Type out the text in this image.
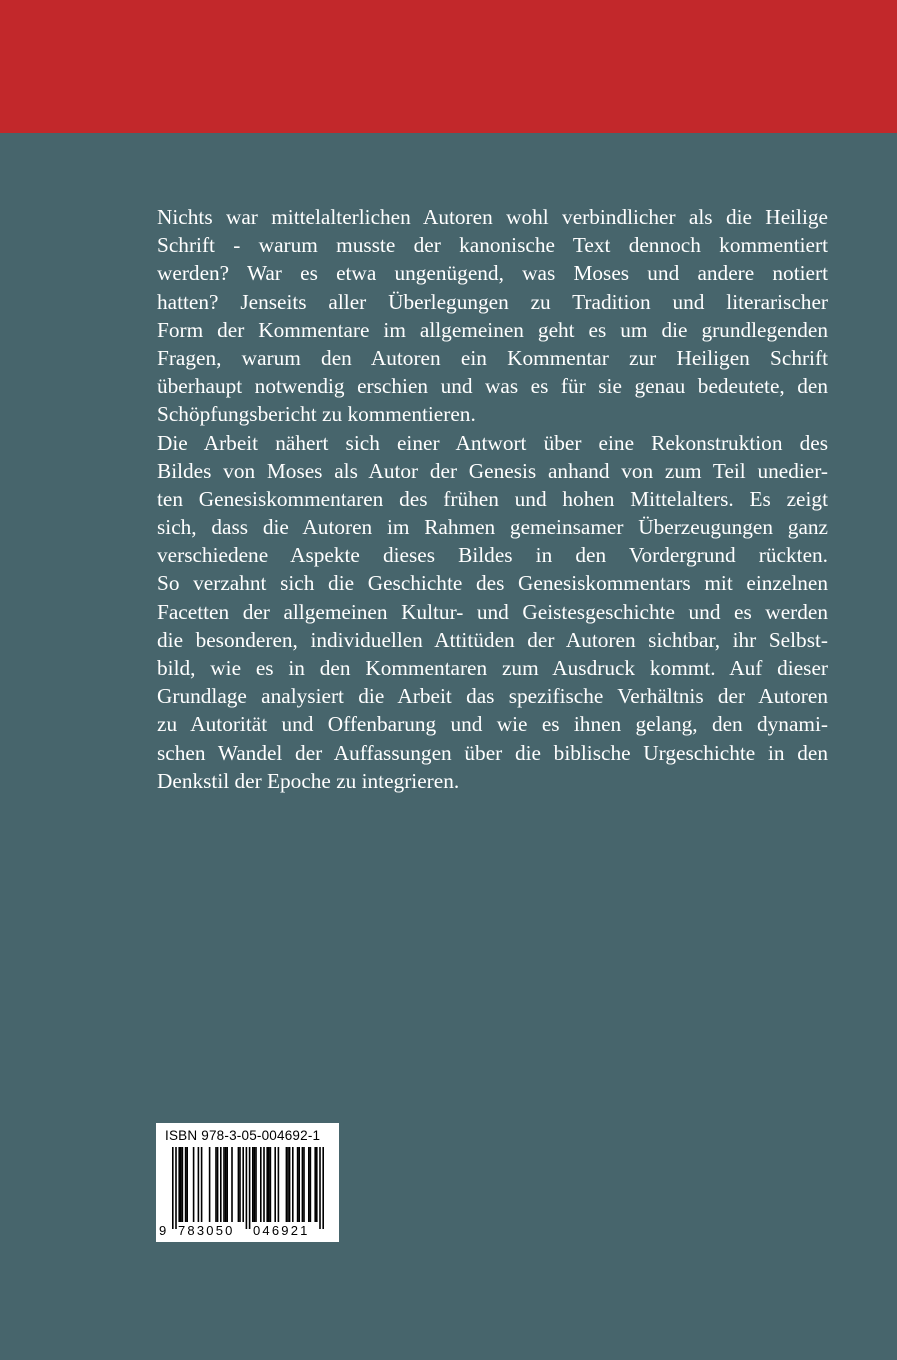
Nichts war mittelalterlichen Autoren wohl verbindlicher als die Heilige
Schrift - warum musste der kanonische Text dennoch kommentiert
werden? War es etwa ungenügend, was Moses und andere notiert
hatten? Jenseits aller Überlegungen zu Tradition und literarischer
Form der Kommentare im allgemeinen geht es um die grundlegenden
Fragen, warum den Autoren ein Kommentar zur Heiligen Schrift
überhaupt notwendig erschien und was es für sie genau bedeutete, den
Schöpfungsbericht zu kommentieren.
Die Arbeit nähert sich einer Antwort über eine Rekonstruktion des
Bildes von Moses als Autor der Genesis anhand von zum Teil unedier-
ten Genesiskommentaren des frühen und hohen Mittelalters. Es zeigt
sich, dass die Autoren im Rahmen gemeinsamer Überzeugungen ganz
verschiedene Aspekte dieses Bildes in den Vordergrund rückten.
So verzahnt sich die Geschichte des Genesiskommentars mit einzelnen
Facetten der allgemeinen Kultur- und Geistesgeschichte und es werden
die besonderen, individuellen Attitüden der Autoren sichtbar, ihr Selbst-
bild, wie es in den Kommentaren zum Ausdruck kommt. Auf dieser
Grundlage analysiert die Arbeit das spezifische Verhältnis der Autoren
zu Autorität und Offenbarung und wie es ihnen gelang, den dynami-
schen Wandel der Auffassungen über die biblische Urgeschichte in den
Denkstil der Epoche zu integrieren.
ISBN 978-3-05-004692-1
9 783050 046921
